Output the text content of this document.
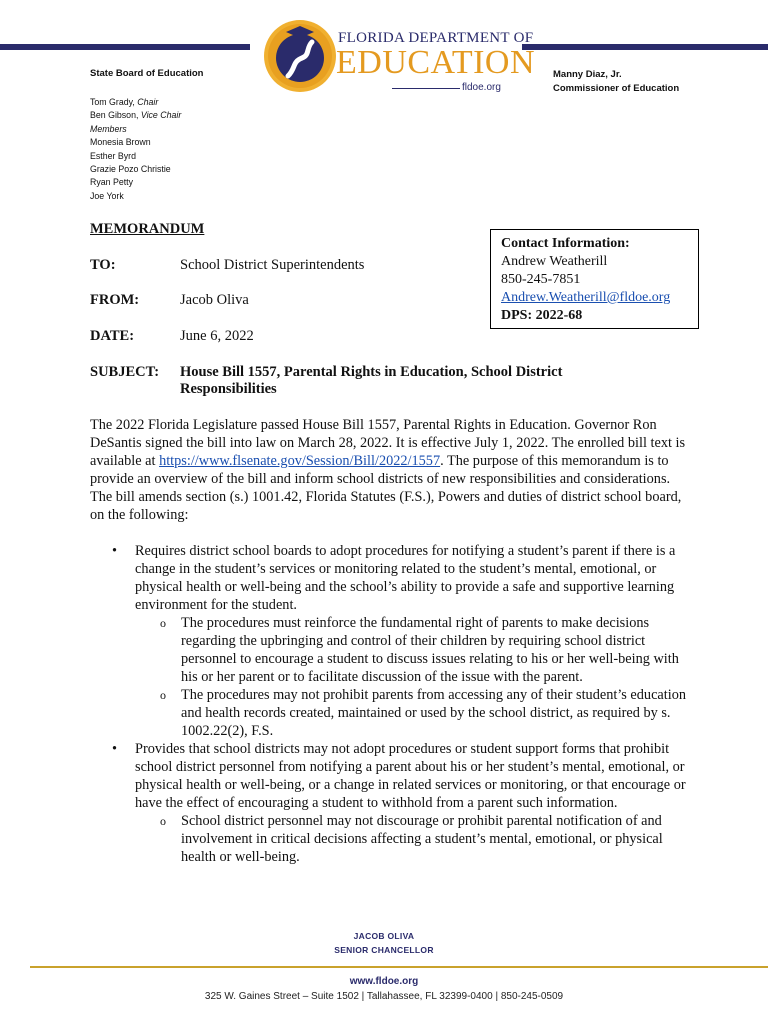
FLORIDA DEPARTMENT OF
EDUCATION
fldoe.org
State Board of Education
Tom Grady, Chair
Ben Gibson, Vice Chair
Members
Monesia Brown
Esther Byrd
Grazie Pozo Christie
Ryan Petty
Joe York
Manny Diaz, Jr.
Commissioner of Education
MEMORANDUM
TO:	School District Superintendents
FROM:	Jacob Oliva
DATE:	June 6, 2022
SUBJECT: House Bill 1557, Parental Rights in Education, School District Responsibilities
Contact Information:
Andrew Weatherill
850-245-7851
Andrew.Weatherill@fldoe.org
DPS: 2022-68
The 2022 Florida Legislature passed House Bill 1557, Parental Rights in Education. Governor Ron DeSantis signed the bill into law on March 28, 2022. It is effective July 1, 2022. The enrolled bill text is available at https://www.flsenate.gov/Session/Bill/2022/1557. The purpose of this memorandum is to provide an overview of the bill and inform school districts of new responsibilities and considerations. The bill amends section (s.) 1001.42, Florida Statutes (F.S.), Powers and duties of district school board, on the following:
• Requires district school boards to adopt procedures for notifying a student’s parent if there is a change in the student’s services or monitoring related to the student’s mental, emotional, or physical health or well-being and the school’s ability to provide a safe and supportive learning environment for the student.
o The procedures must reinforce the fundamental right of parents to make decisions regarding the upbringing and control of their children by requiring school district personnel to encourage a student to discuss issues relating to his or her well-being with his or her parent or to facilitate discussion of the issue with the parent.
o The procedures may not prohibit parents from accessing any of their student’s education and health records created, maintained or used by the school district, as required by s. 1002.22(2), F.S.
• Provides that school districts may not adopt procedures or student support forms that prohibit school district personnel from notifying a parent about his or her student’s mental, emotional, or physical health or well-being, or a change in related services or monitoring, or that encourage or have the effect of encouraging a student to withhold from a parent such information.
o School district personnel may not discourage or prohibit parental notification of and involvement in critical decisions affecting a student’s mental, emotional, or physical health or well-being.
JACOB OLIVA
SENIOR CHANCELLOR
www.fldoe.org
325 W. Gaines Street – Suite 1502 | Tallahassee, FL 32399-0400 | 850-245-0509
